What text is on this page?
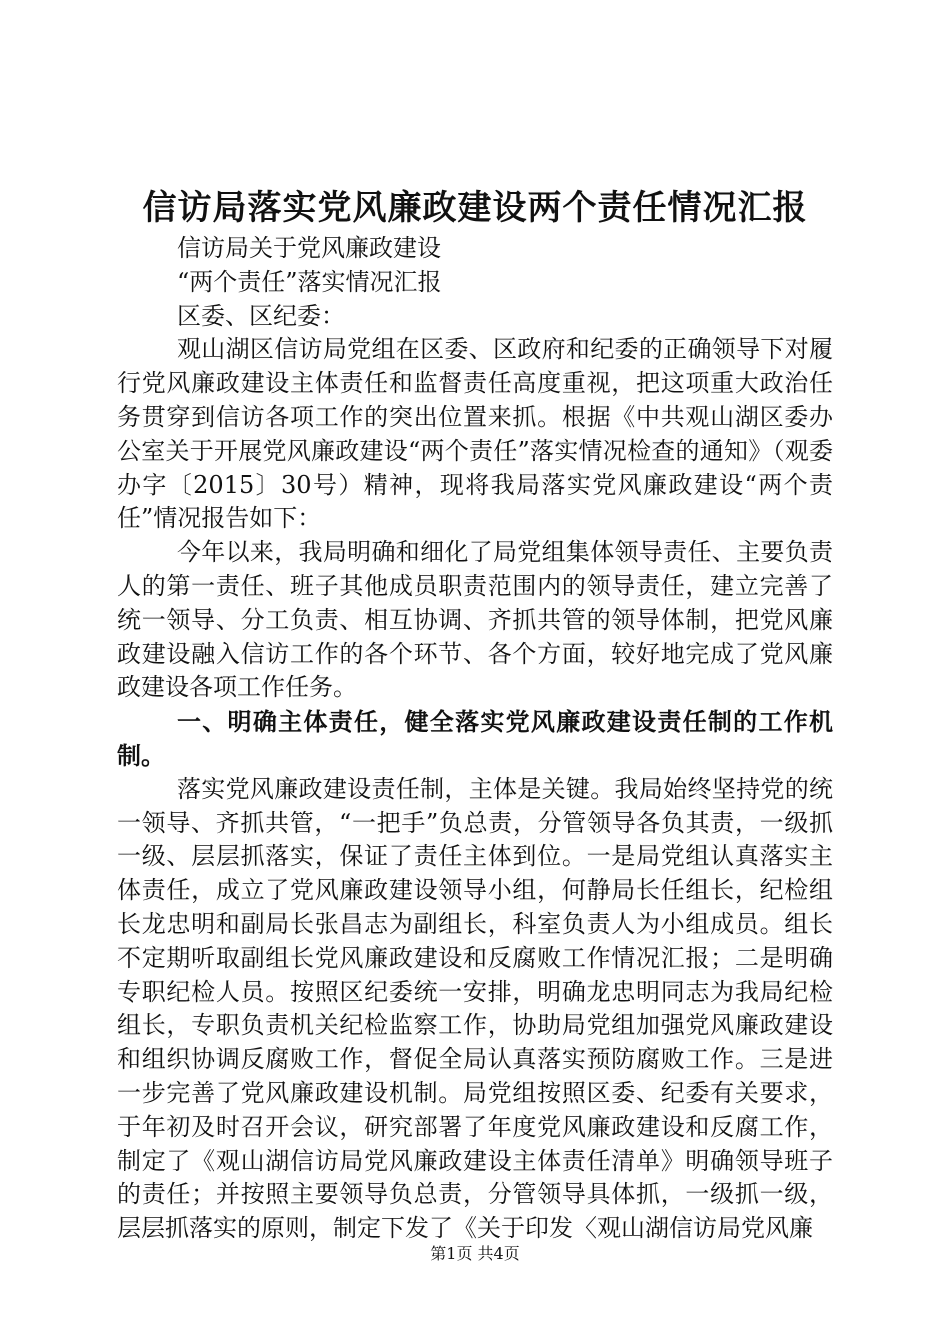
信访局落实党风廉政建设两个责任情况汇报

信访局关于党风廉政建设

“两个责任”落实情况汇报

区委、区纪委：

观山湖区信访局党组在区委、区政府和纪委的正确领导下对履行党风廉政建设主体责任和监督责任高度重视，把这项重大政治任务贯穿到信访各项工作的突出位置来抓。根据《中共观山湖区委办公室关于开展党风廉政建设“两个责任”落实情况检查的通知》（观委办字〔2015〕30号）精神，现将我局落实党风廉政建设“两个责任”情况报告如下：

今年以来，我局明确和细化了局党组集体领导责任、主要负责人的第一责任、班子其他成员职责范围内的领导责任，建立完善了统一领导、分工负责、相互协调、齐抓共管的领导体制，把党风廉政建设融入信访工作的各个环节、各个方面，较好地完成了党风廉政建设各项工作任务。

一、明确主体责任，健全落实党风廉政建设责任制的工作机制。

落实党风廉政建设责任制，主体是关键。我局始终坚持党的统一领导、齐抓共管，“一把手”负总责，分管领导各负其责，一级抓一级、层层抓落实，保证了责任主体到位。一是局党组认真落实主体责任，成立了党风廉政建设领导小组，何静局长任组长，纪检组长龙忠明和副局长张昌志为副组长，科室负责人为小组成员。组长不定期听取副组长党风廉政建设和反腐败工作情况汇报；二是明确专职纪检人员。按照区纪委统一安排，明确龙忠明同志为我局纪检组长，专职负责机关纪检监察工作，协助局党组加强党风廉政建设和组织协调反腐败工作，督促全局认真落实预防腐败工作。三是进一步完善了党风廉政建设机制。局党组按照区委、纪委有关要求，于年初及时召开会议，研究部署了年度党风廉政建设和反腐工作，制定了《观山湖信访局党风廉政建设主体责任清单》明确领导班子的责任；并按照主要领导负总责，分管领导具体抓，一级抓一级，层层抓落实的原则，制定下发了《关于印发〈观山湖信访局党风廉

第1页 共4页
